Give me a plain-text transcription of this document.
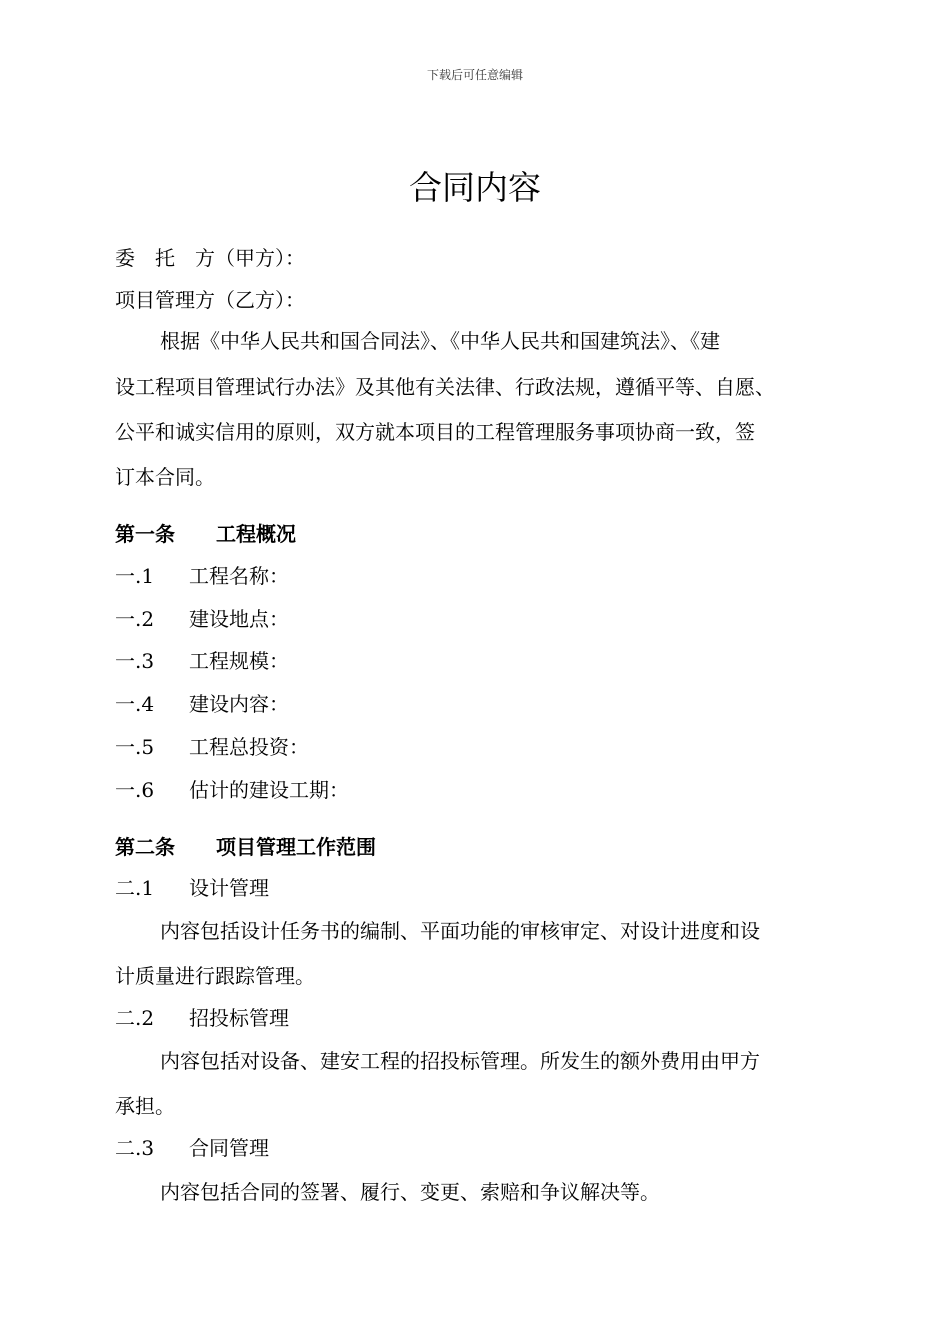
下载后可任意编辑
合同内容
委　托　方（甲方）：
项目管理方（乙方）：
根据《中华人民共和国合同法》、《中华人民共和国建筑法》、《建
设工程项目管理试行办法》及其他有关法律、行政法规，遵循平等、自愿、
公平和诚实信用的原则，双方就本项目的工程管理服务事项协商一致，签
订本合同。
第一条 工程概况
一.1 工程名称：
一.2 建设地点：
一.3 工程规模：
一.4 建设内容：
一.5 工程总投资：
一.6 估计的建设工期：
第二条 项目管理工作范围
二.1 设计管理
内容包括设计任务书的编制、平面功能的审核审定、对设计进度和设
计质量进行跟踪管理。
二.2 招投标管理
内容包括对设备、建安工程的招投标管理。所发生的额外费用由甲方
承担。
二.3 合同管理
内容包括合同的签署、履行、变更、索赔和争议解决等。
